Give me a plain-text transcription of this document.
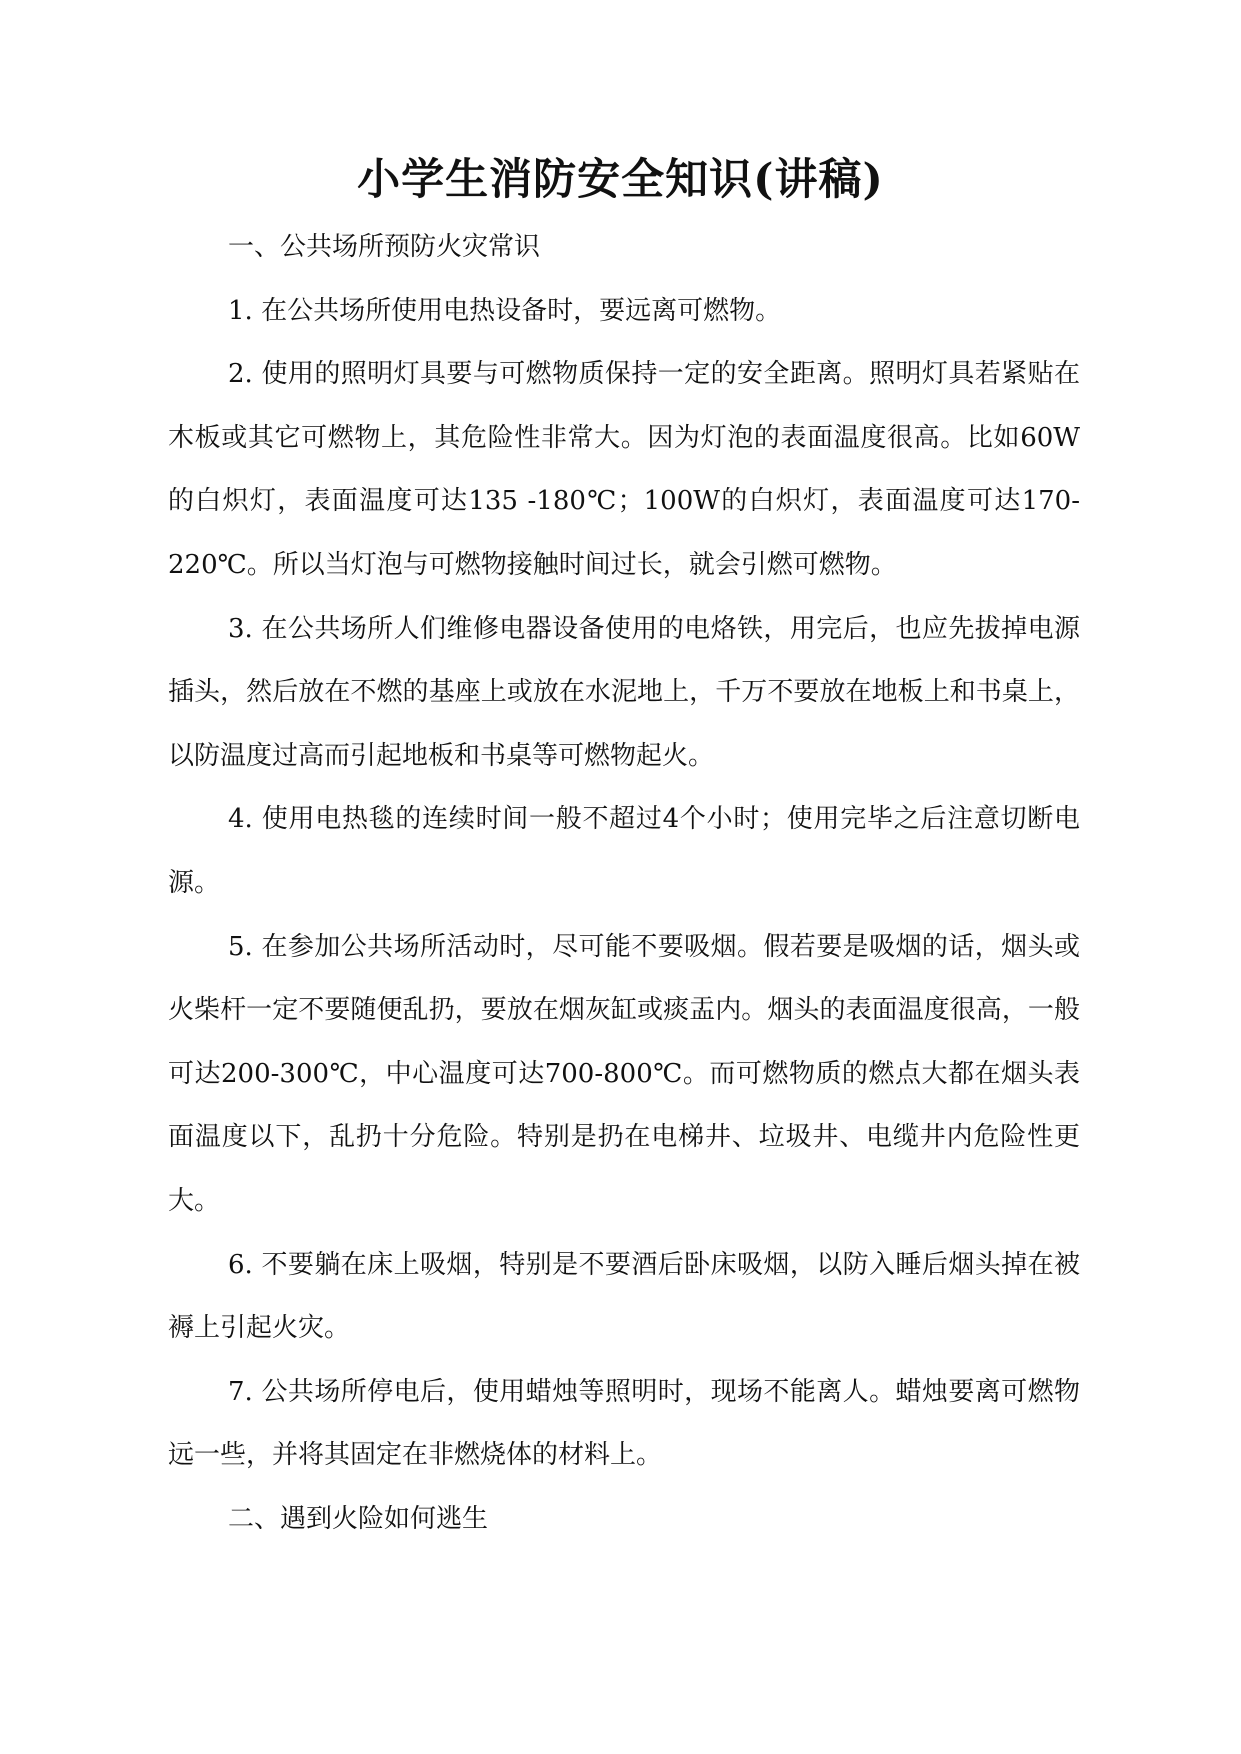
小学生消防安全知识(讲稿)

一、公共场所预防火灾常识

1. 在公共场所使用电热设备时，要远离可燃物。

2. 使用的照明灯具要与可燃物质保持一定的安全距离。照明灯具若紧贴在木板或其它可燃物上，其危险性非常大。因为灯泡的表面温度很高。比如60W的白炽灯，表面温度可达135 -180℃；100W的白炽灯，表面温度可达170-220℃。所以当灯泡与可燃物接触时间过长，就会引燃可燃物。

3. 在公共场所人们维修电器设备使用的电烙铁，用完后，也应先拔掉电源插头，然后放在不燃的基座上或放在水泥地上，千万不要放在地板上和书桌上，以防温度过高而引起地板和书桌等可燃物起火。

4. 使用电热毯的连续时间一般不超过4个小时；使用完毕之后注意切断电源。

5. 在参加公共场所活动时，尽可能不要吸烟。假若要是吸烟的话，烟头或火柴杆一定不要随便乱扔，要放在烟灰缸或痰盂内。烟头的表面温度很高，一般可达200-300℃，中心温度可达700-800℃。而可燃物质的燃点大都在烟头表面温度以下，乱扔十分危险。特别是扔在电梯井、垃圾井、电缆井内危险性更大。

6. 不要躺在床上吸烟，特别是不要酒后卧床吸烟，以防入睡后烟头掉在被褥上引起火灾。

7. 公共场所停电后，使用蜡烛等照明时，现场不能离人。蜡烛要离可燃物远一些，并将其固定在非燃烧体的材料上。

二、遇到火险如何逃生
